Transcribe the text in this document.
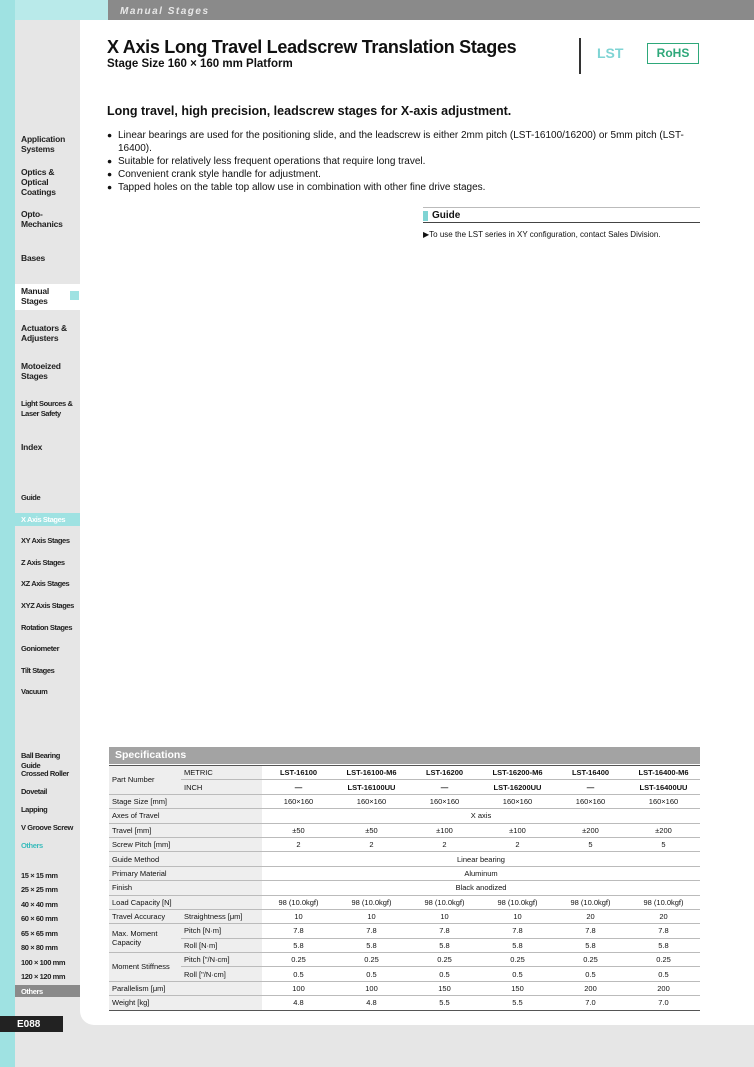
Manual Stages
Application
Systems
Optics &
Optical
Coatings
Opto-
Mechanics
Bases
Manual
Stages
Actuators &
Adjusters
Motoeized
Stages
Light Sources &
Laser Safety
Index
Guide
X Axis Stages
XY Axis Stages
Z Axis Stages
XZ Axis Stages
XYZ Axis Stages
Rotation Stages
Goniometer
Tilt Stages
Vacuum
Ball Bearing Guide
Crossed Roller
Dovetail
Lapping
V Groove Screw
Others
15 × 15 mm
25 × 25 mm
40 × 40 mm
60 × 60 mm
65 × 65 mm
80 × 80 mm
100 × 100 mm
120 × 120 mm
Others
E088
X Axis Long Travel Leadscrew Translation Stages
Stage Size 160 × 160 mm Platform
LST	RoHS
Long travel, high precision, leadscrew stages for X-axis adjustment.
● Linear bearings are used for the positioning slide, and the leadscrew is either 2mm pitch (LST-16100/16200) or 5mm pitch (LST-16400).
● Suitable for relatively less frequent operations that require long travel.
● Convenient crank style handle for adjustment.
● Tapped holes on the table top allow use in combination with other fine drive stages.
Guide
▶To use the LST series in XY configuration, contact Sales Division.
Specifications
Part Number	METRIC	LST-16100	LST-16100-M6	LST-16200	LST-16200-M6	LST-16400	LST-16400-M6
	INCH	—	LST-16100UU	—	LST-16200UU	—	LST-16400UU
Stage Size [mm]		160×160	160×160	160×160	160×160	160×160	160×160
Axes of Travel		X axis					
Travel [mm]		±50	±50	±100	±100	±200	±200
Screw Pitch [mm]		2	2	2	2	5	5
Guide Method		Linear bearing					
Primary Material		Aluminum					
Finish		Black anodized					
Load Capacity [N]		98 (10.0kgf)	98 (10.0kgf)	98 (10.0kgf)	98 (10.0kgf)	98 (10.0kgf)	98 (10.0kgf)
Travel Accuracy	Straightness [μm]	10	10	10	10	20	20
Max. Moment Capacity	Pitch [N·m]	7.8	7.8	7.8	7.8	7.8	7.8
	Roll [N·m]	5.8	5.8	5.8	5.8	5.8	5.8
Moment Stiffness	Pitch ["/N·cm]	0.25	0.25	0.25	0.25	0.25	0.25
	Roll ["/N·cm]	0.5	0.5	0.5	0.5	0.5	0.5
Parallelism [μm]		100	100	150	150	200	200
Weight [kg]		4.8	4.8	5.5	5.5	7.0	7.0
